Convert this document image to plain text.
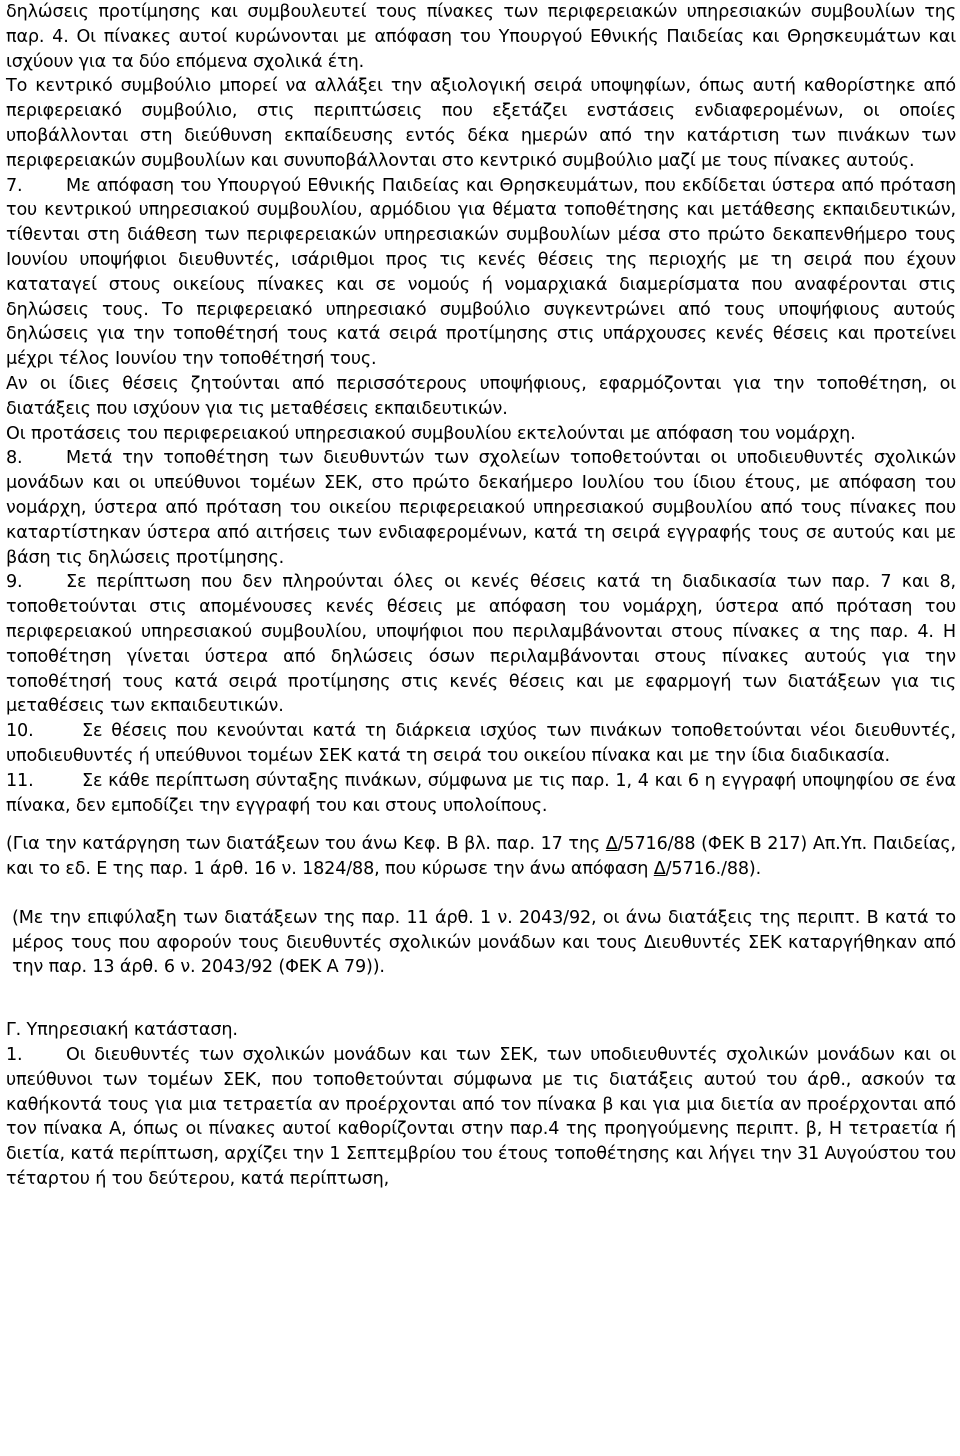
δηλώσεις προτίμησης και συμβουλευτεί τους πίνακες των περιφερειακών υπηρεσιακών συμβουλίων της παρ. 4. Οι πίνακες αυτοί κυρώνονται με απόφαση του Υπουργού Εθνικής Παιδείας και Θρησκευμάτων και ισχύουν για τα δύο επόμενα σχολικά έτη.

Το κεντρικό συμβούλιο μπορεί να αλλάξει την αξιολογική σειρά υποψηφίων, όπως αυτή καθορίστηκε από περιφερειακό συμβούλιο, στις περιπτώσεις που εξετάζει ενστάσεις ενδιαφερομένων, οι οποίες υποβάλλονται στη διεύθυνση εκπαίδευσης εντός δέκα ημερών από την κατάρτιση των πινάκων των περιφερειακών συμβουλίων και συνυποβάλλονται στο κεντρικό συμβούλιο μαζί με τους πίνακες αυτούς.

7. Με απόφαση του Υπουργού Εθνικής Παιδείας και Θρησκευμάτων, που εκδίδεται ύστερα από πρόταση του κεντρικού υπηρεσιακού συμβουλίου, αρμόδιου για θέματα τοποθέτησης και μετάθεσης εκπαιδευτικών, τίθενται στη διάθεση των περιφερειακών υπηρεσιακών συμβουλίων μέσα στο πρώτο δεκαπενθήμερο τους Ιουνίου υποψήφιοι διευθυντές, ισάριθμοι προς τις κενές θέσεις της περιοχής με τη σειρά που έχουν καταταγεί στους οικείους πίνακες και σε νομούς ή νομαρχιακά διαμερίσματα που αναφέρονται στις δηλώσεις τους. Το περιφερειακό υπηρεσιακό συμβούλιο συγκεντρώνει από τους υποψήφιους αυτούς δηλώσεις για την τοποθέτησή τους κατά σειρά προτίμησης στις υπάρχουσες κενές θέσεις και προτείνει μέχρι τέλος Ιουνίου την τοποθέτησή τους.

Αν οι ίδιες θέσεις ζητούνται από περισσότερους υποψήφιους, εφαρμόζονται για την τοποθέτηση, οι διατάξεις που ισχύουν για τις μεταθέσεις εκπαιδευτικών.

Οι προτάσεις του περιφερειακού υπηρεσιακού συμβουλίου εκτελούνται με απόφαση του νομάρχη.

8. Μετά την τοποθέτηση των διευθυντών των σχολείων τοποθετούνται οι υποδιευθυντές σχολικών μονάδων και οι υπεύθυνοι τομέων ΣΕΚ, στο πρώτο δεκαήμερο Ιουλίου του ίδιου έτους, με απόφαση του νομάρχη, ύστερα από πρόταση του οικείου περιφερειακού υπηρεσιακού συμβουλίου από τους πίνακες που καταρτίστηκαν ύστερα από αιτήσεις των ενδιαφερομένων, κατά τη σειρά εγγραφής τους σε αυτούς και με βάση τις δηλώσεις προτίμησης.

9. Σε περίπτωση που δεν πληρούνται όλες οι κενές θέσεις κατά τη διαδικασία των παρ. 7 και 8, τοποθετούνται στις απομένουσες κενές θέσεις με απόφαση του νομάρχη, ύστερα από πρόταση του περιφερειακού υπηρεσιακού συμβουλίου, υποψήφιοι που περιλαμβάνονται στους πίνακες α της παρ. 4. Η τοποθέτηση γίνεται ύστερα από δηλώσεις όσων περιλαμβάνονται στους πίνακες αυτούς για την τοποθέτησή τους κατά σειρά προτίμησης στις κενές θέσεις και με εφαρμογή των διατάξεων για τις μεταθέσεις των εκπαιδευτικών.

10.	Σε θέσεις που κενούνται κατά τη διάρκεια ισχύος των πινάκων τοποθετούνται νέοι διευθυντές, υποδιευθυντές ή υπεύθυνοι τομέων ΣΕΚ κατά τη σειρά του οικείου πίνακα και με την ίδια διαδικασία.

11.	Σε κάθε περίπτωση σύνταξης πινάκων, σύμφωνα με τις παρ. 1, 4 και 6 η εγγραφή υποψηφίου σε ένα πίνακα, δεν εμποδίζει την εγγραφή του και στους υπολοίπους.

(Για την κατάργηση των διατάξεων του άνω Κεφ. Β βλ. παρ. 17 της Δ/5716/88 (ΦΕΚ Β 217) Απ.Υπ. Παιδείας, και το εδ. Ε της παρ. 1 άρθ. 16 ν. 1824/88, που κύρωσε την άνω απόφαση Δ/5716./88).

(Με την επιφύλαξη των διατάξεων της παρ. 11 άρθ. 1 ν. 2043/92, οι άνω διατάξεις της περιπτ. Β κατά το μέρος τους που αφορούν τους διευθυντές σχολικών μονάδων και τους Διευθυντές ΣΕΚ καταργήθηκαν από την παρ. 13 άρθ. 6 ν. 2043/92 (ΦΕΚ Α 79)).

Γ. Υπηρεσιακή κατάσταση.

1. Οι διευθυντές των σχολικών μονάδων και των ΣΕΚ, των υποδιευθυντές σχολικών μονάδων και οι υπεύθυνοι των τομέων ΣΕΚ, που τοποθετούνται σύμφωνα με τις διατάξεις αυτού του άρθ., ασκούν τα καθήκοντά τους για μια τετραετία αν προέρχονται από τον πίνακα β και για μια διετία αν προέρχονται από τον πίνακα Α, όπως οι πίνακες αυτοί καθορίζονται στην παρ.4 της προηγούμενης περιπτ. β, Η τετραετία ή διετία, κατά περίπτωση, αρχίζει την 1 Σεπτεμβρίου του έτους τοποθέτησης και λήγει την 31 Αυγούστου του τέταρτου ή του δεύτερου, κατά περίπτωση,
